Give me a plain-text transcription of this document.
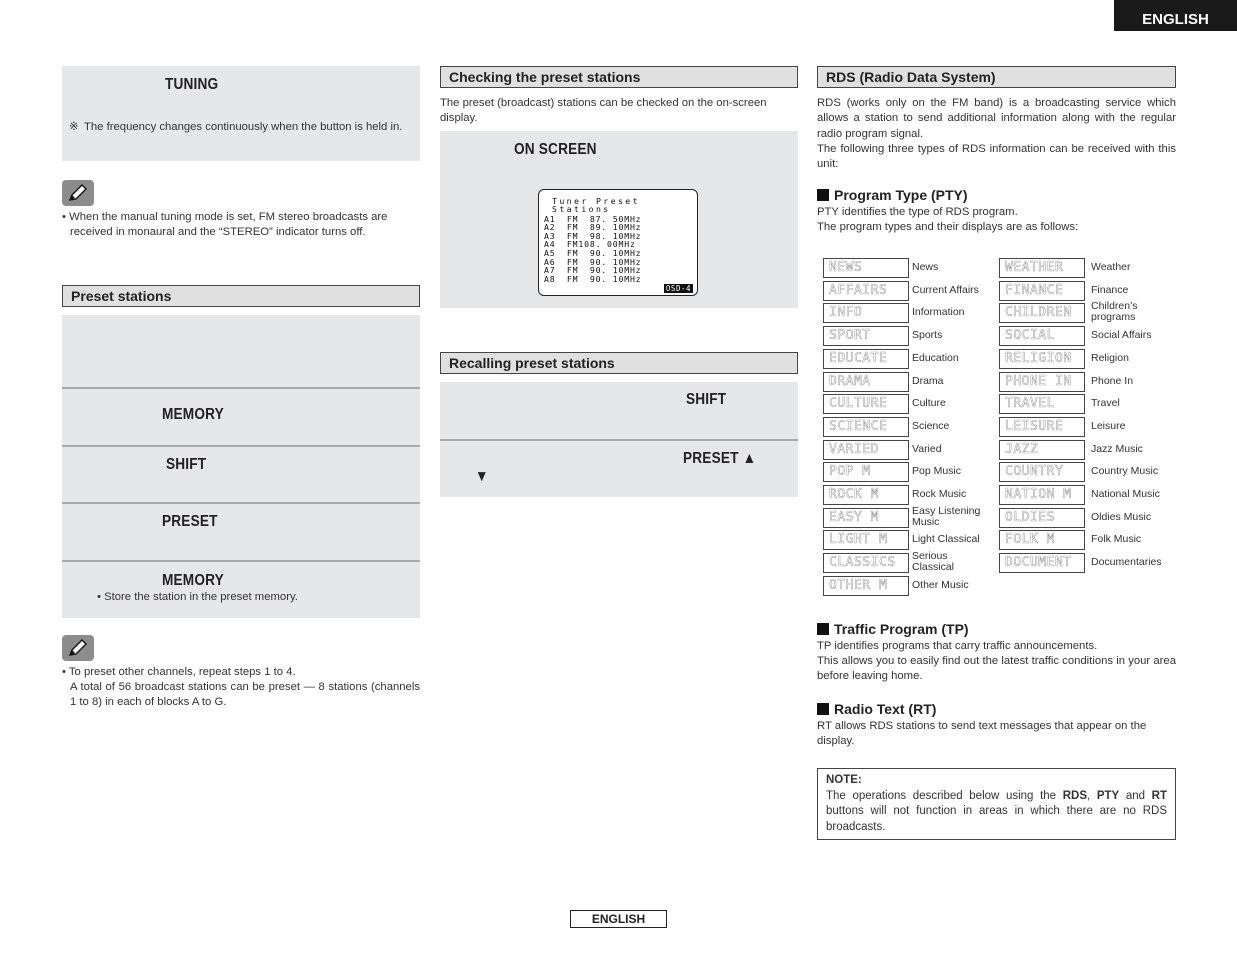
ENGLISH
TUNING
※ The frequency changes continuously when the button is held in.
• When the manual tuning mode is set, FM stereo broadcasts are received in monaural and the “STEREO” indicator turns off.
Preset stations
MEMORY
SHIFT
PRESET
MEMORY
• Store the station in the preset memory.
• To preset other channels, repeat steps 1 to 4.
A total of 56 broadcast stations can be preset — 8 stations (channels 1 to 8) in each of blocks A to G.
Checking the preset stations
The preset (broadcast) stations can be checked on the on-screen display.
ON SCREEN
Tuner Preset Stations
A1  FM  87. 50MHz
A2  FM  89. 10MHz
A3  FM  98. 10MHz
A4  FM108. 00MHz
A5  FM  90. 10MHz
A6  FM  90. 10MHz
A7  FM  90. 10MHz
A8  FM  90. 10MHz
OSD-4
Recalling preset stations
SHIFT
PRESET ▲
▼
RDS (Radio Data System)
RDS (works only on the FM band) is a broadcasting service which allows a station to send additional information along with the regular radio program signal.
The following three types of RDS information can be received with this unit:
Program Type (PTY)
PTY identifies the type of RDS program.
The program types and their displays are as follows:
NEWS	News
AFFAIRS	Current Affairs
INFO	Information
SPORT	Sports
EDUCATE	Education
DRAMA	Drama
CULTURE	Culture
SCIENCE	Science
VARIED	Varied
POP M	Pop Music
ROCK M	Rock Music
EASY M	Easy Listening Music
LIGHT M	Light Classical
CLASSICS	Serious Classical
OTHER M	Other Music
WEATHER	Weather
FINANCE	Finance
CHILDREN	Children’s programs
SOCIAL	Social Affairs
RELIGION	Religion
PHONE IN	Phone In
TRAVEL	Travel
LEISURE	Leisure
JAZZ	Jazz Music
COUNTRY	Country Music
NATION M	National Music
OLDIES	Oldies Music
FOLK M	Folk Music
DOCUMENT	Documentaries
Traffic Program (TP)
TP identifies programs that carry traffic announcements.
This allows you to easily find out the latest traffic conditions in your area before leaving home.
Radio Text (RT)
RT allows RDS stations to send text messages that appear on the display.
NOTE:
The operations described below using the RDS, PTY and RT buttons will not function in areas in which there are no RDS broadcasts.
ENGLISH
